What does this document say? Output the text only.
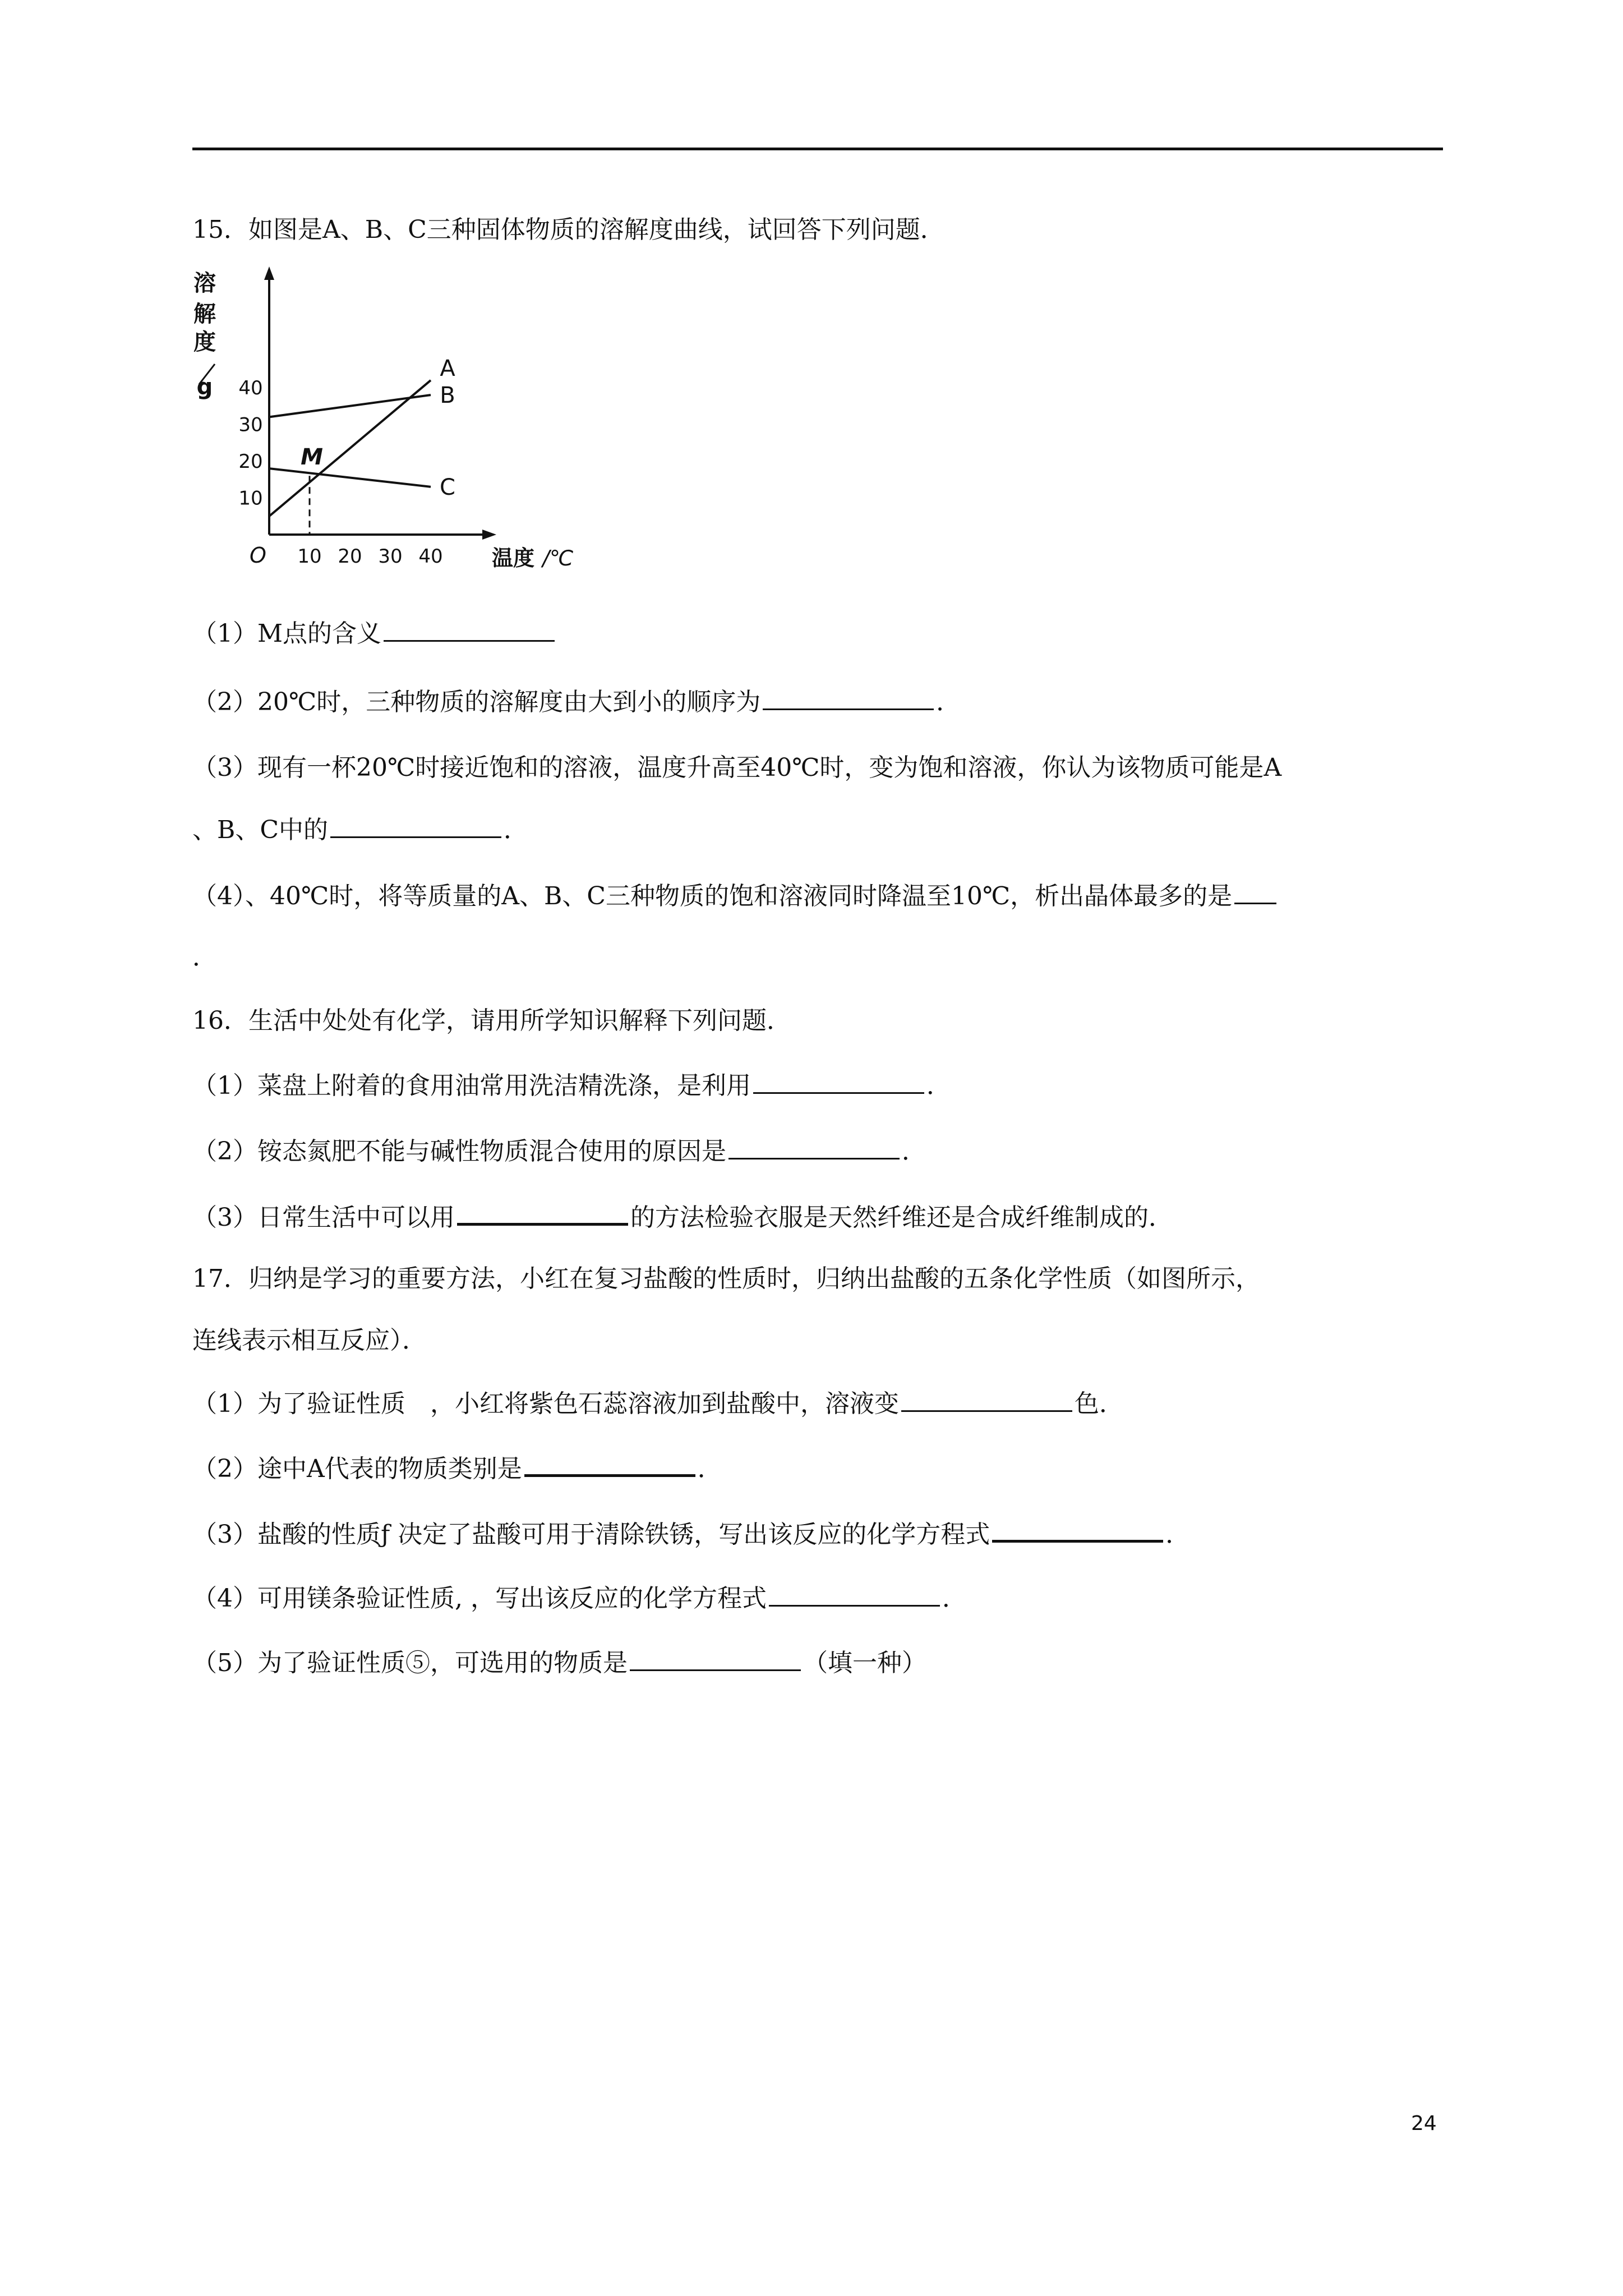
15．如图是A、B、C三种固体物质的溶解度曲线，试回答下列问题．
溶
解
度
g
10
20
30
40
10 20 30 40
O	温度 /℃
A
B
C
M
（1）M点的含义
（2）20℃时，三种物质的溶解度由大到小的顺序为	．
（3）现有一杯20℃时接近饱和的溶液，温度升高至40℃时，变为饱和溶液，你认为该物质可能是A
、B、C中的	．
（4）、40℃时，将等质量的A、B、C三种物质的饱和溶液同时降温至10℃，析出晶体最多的是
．
16．生活中处处有化学，请用所学知识解释下列问题．
（1）菜盘上附着的食用油常用洗洁精洗涤，是利用	．
（2）铵态氮肥不能与碱性物质混合使用的原因是	．
（3）日常生活中可以用	的方法检验衣服是天然纤维还是合成纤维制成的．
17．归纳是学习的重要方法，小红在复习盐酸的性质时，归纳出盐酸的五条化学性质（如图所示，
连线表示相互反应）．
（1）为了验证性质　，小红将紫色石蕊溶液加到盐酸中，溶液变	色．
（2）途中A代表的物质类别是	．
（3）盐酸的性质ƒ 决定了盐酸可用于清除铁锈，写出该反应的化学方程式	．
（4）可用镁条验证性质, ，写出该反应的化学方程式	．
（5）为了验证性质⑤，可选用的物质是	（填一种）
24
